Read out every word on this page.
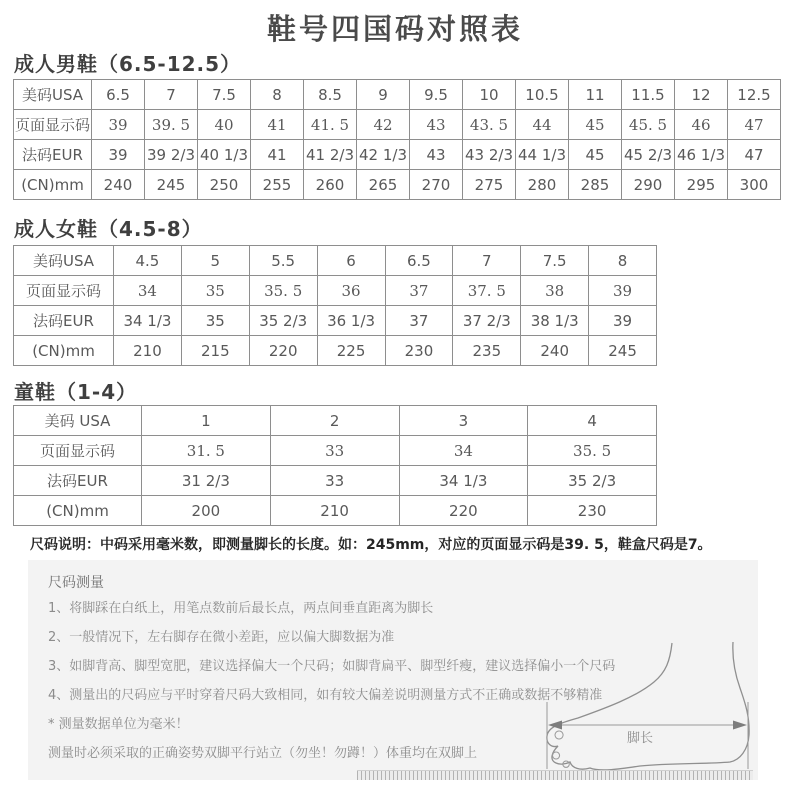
鞋号四国码对照表
成人男鞋（6.5-12.5）
美码USA	6.5	7	7.5	8	8.5	9	9.5	10	10.5	11	11.5	12	12.5
页面显示码	39	39. 5	40	41	41. 5	42	43	43. 5	44	45	45. 5	46	47
法码EUR	39	39 2/3	40 1/3	41	41 2/3	42 1/3	43	43 2/3	44 1/3	45	45 2/3	46 1/3	47
(CN)mm	240	245	250	255	260	265	270	275	280	285	290	295	300
成人女鞋（4.5-8）
美码USA	4.5	5	5.5	6	6.5	7	7.5	8
页面显示码	34	35	35. 5	36	37	37. 5	38	39
法码EUR	34 1/3	35	35 2/3	36 1/3	37	37 2/3	38 1/3	39
(CN)mm	210	215	220	225	230	235	240	245
童鞋（1-4）
美码 USA	1	2	3	4
页面显示码	31. 5	33	34	35. 5
法码EUR	31 2/3	33	34 1/3	35 2/3
(CN)mm	200	210	220	230
尺码说明：中码采用毫米数，即测量脚长的长度。如：245mm，对应的页面显示码是39. 5，鞋盒尺码是7。
尺码测量
1、将脚踩在白纸上，用笔点数前后最长点，两点间垂直距离为脚长
2、一般情况下，左右脚存在微小差距，应以偏大脚数据为准
3、如脚背高、脚型宽肥，建议选择偏大一个尺码；如脚背扁平、脚型纤瘦，建议选择偏小一个尺码
4、测量出的尺码应与平时穿着尺码大致相同，如有较大偏差说明测量方式不正确或数据不够精准
* 测量数据单位为毫米！
测量时必须采取的正确姿势双脚平行站立（勿坐！勿蹲！）体重均在双脚上
脚长
